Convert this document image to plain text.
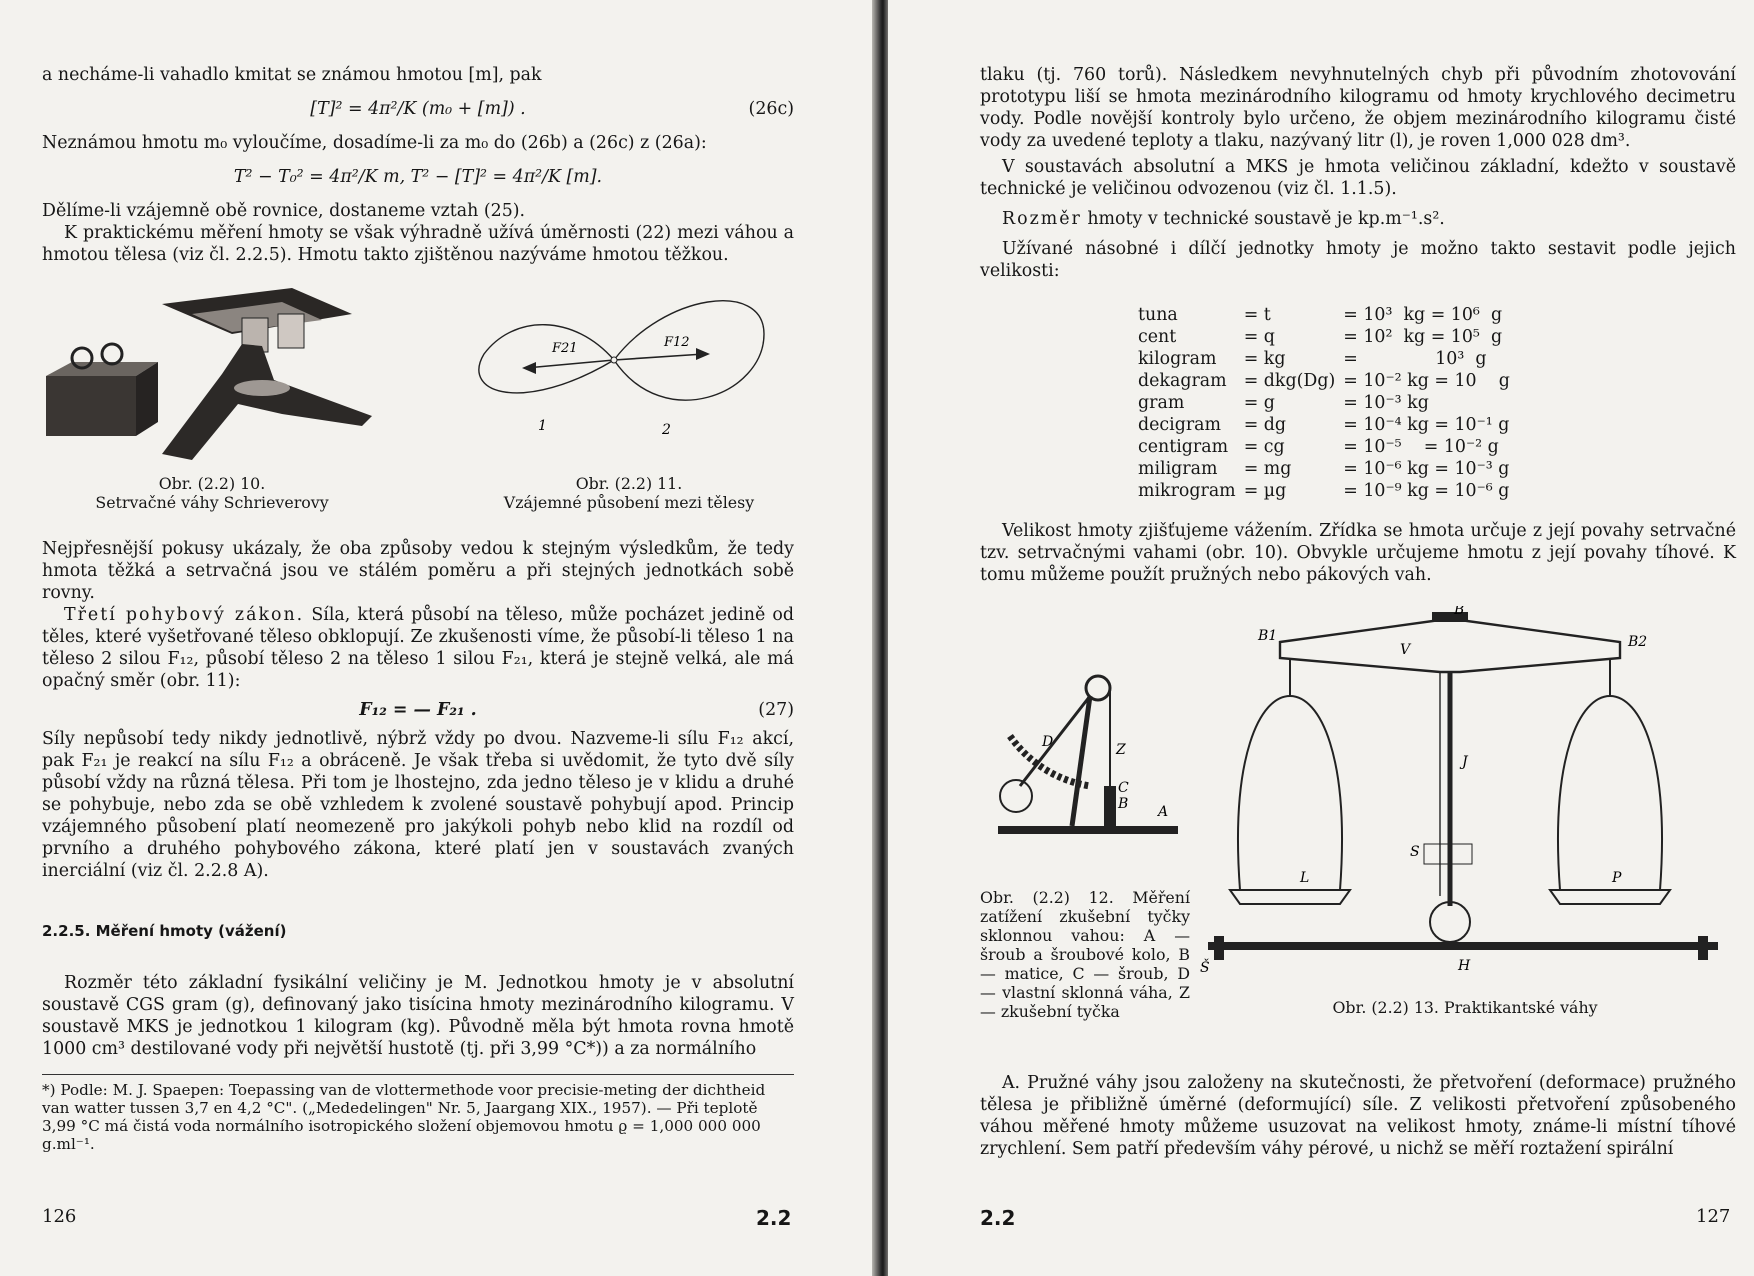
a necháme-li vahadlo kmitat se známou hmotou [m], pak

[T]² = 4π²/K (m₀ + [m]) .	(26c)

Neznámou hmotu m₀ vyloučíme, dosadíme-li za m₀ do (26b) a (26c) z (26a):

T² − T₀² = 4π²/K m, T² − [T]² = 4π²/K [m].

Dělíme-li vzájemně obě rovnice, dostaneme vztah (25).

K praktickému měření hmoty se však výhradně užívá úměrnosti (22) mezi váhou a hmotou tělesa (viz čl. 2.2.5). Hmotu takto zjištěnou nazýváme hmotou těžkou.

Obr. (2.2) 10.
Setrvačné váhy Schrieverovy
F21	F12
1	2
Obr. (2.2) 11.
Vzájemné působení mezi tělesy

Nejpřesnější pokusy ukázaly, že oba způsoby vedou k stejným výsledkům, že tedy hmota těžká a setrvačná jsou ve stálém poměru a při stejných jednotkách sobě rovny.

Třetí pohybový zákon. Síla, která působí na těleso, může pocházet jedině od těles, které vyšetřované těleso obklopují. Ze zkušenosti víme, že působí-li těleso 1 na těleso 2 silou F₁₂, působí těleso 2 na těleso 1 silou F₂₁, která je stejně velká, ale má opačný směr (obr. 11):

F₁₂ = — F₂₁ .	(27)

Síly nepůsobí tedy nikdy jednotlivě, nýbrž vždy po dvou. Nazveme-li sílu F₁₂ akcí, pak F₂₁ je reakcí na sílu F₁₂ a obráceně. Je však třeba si uvědomit, že tyto dvě síly působí vždy na různá tělesa. Při tom je lhostejno, zda jedno těleso je v klidu a druhé se pohybuje, nebo zda se obě vzhledem k zvolené soustavě pohybují apod. Princip vzájemného působení platí neomezeně pro jakýkoli pohyb nebo klid na rozdíl od prvního a druhého pohybového zákona, které platí jen v soustavách zvaných inerciální (viz čl. 2.2.8 A).

2.2.5. Měření hmoty (vážení)

Rozměr této základní fysikální veličiny je M. Jednotkou hmoty je v absolutní soustavě CGS gram (g), definovaný jako tisícina hmoty mezinárodního kilogramu. V soustavě MKS je jednotkou 1 kilogram (kg). Původně měla být hmota rovna hmotě 1000 cm³ destilované vody při největší hustotě (tj. při 3,99 °C*)) a za normálního

*) Podle: M. J. Spaepen: Toepassing van de vlottermethode voor precisie-meting der dichtheid van watter tussen 3,7 en 4,2 °C". („Mededelingen" Nr. 5, Jaargang XIX., 1957). — Při teplotě 3,99 °C má čistá voda normálního isotropického složení objemovou hmotu ϱ = 1,000 000 000 g.ml⁻¹.
126	2.2

tlaku (tj. 760 torů). Následkem nevyhnutelných chyb při původním zhotovování prototypu liší se hmota mezinárodního kilogramu od hmoty krychlového decimetru vody. Podle novější kontroly bylo určeno, že objem mezinárodního kilogramu čisté vody za uvedené teploty a tlaku, nazývaný litr (l), je roven 1,000 028 dm³.

V soustavách absolutní a MKS je hmota veličinou základní, kdežto v soustavě technické je veličinou odvozenou (viz čl. 1.1.5).

Rozměr hmoty v technické soustavě je kp.m⁻¹.s².

Užívané násobné i dílčí jednotky hmoty je možno takto sestavit podle jejich velikosti:

tuna	= t	= 10³  kg = 10⁶  g
cent	= q	= 10²  kg = 10⁵  g
kilogram	= kg	=              10³  g
dekagram	= dkg(Dg)	= 10⁻² kg = 10    g
gram	= g	= 10⁻³ kg
decigram	= dg	= 10⁻⁴ kg = 10⁻¹ g
centigram	= cg	= 10⁻⁵    = 10⁻² g
miligram	= mg	= 10⁻⁶ kg = 10⁻³ g
mikrogram	= µg	= 10⁻⁹ kg = 10⁻⁶ g

Velikost hmoty zjišťujeme vážením. Zřídka se hmota určuje z její povahy setrvačné tzv. setrvačnými vahami (obr. 10). Obvykle určujeme hmotu z její povahy tíhové. K tomu můžeme použít pružných nebo pákových vah.

D	Z
C
B A
Obr. (2.2) 12. Měření zatížení zkušební tyčky sklonnou vahou: A — šroub a šroubové kolo, B — matice, C — šroub, D — vlastní sklonná váha, Z — zkušební tyčka
B
B1	B2
V
J
S
L	P
H
Š
Obr. (2.2) 13. Praktikantské váhy

A. Pružné váhy jsou založeny na skutečnosti, že přetvoření (deformace) pružného tělesa je přibližně úměrné (deformující) síle. Z velikosti přetvoření způsobeného váhou měřené hmoty můžeme usuzovat na velikost hmoty, známe-li místní tíhové zrychlení. Sem patří především váhy pérové, u nichž se měří roztažení spirální

2.2	127
